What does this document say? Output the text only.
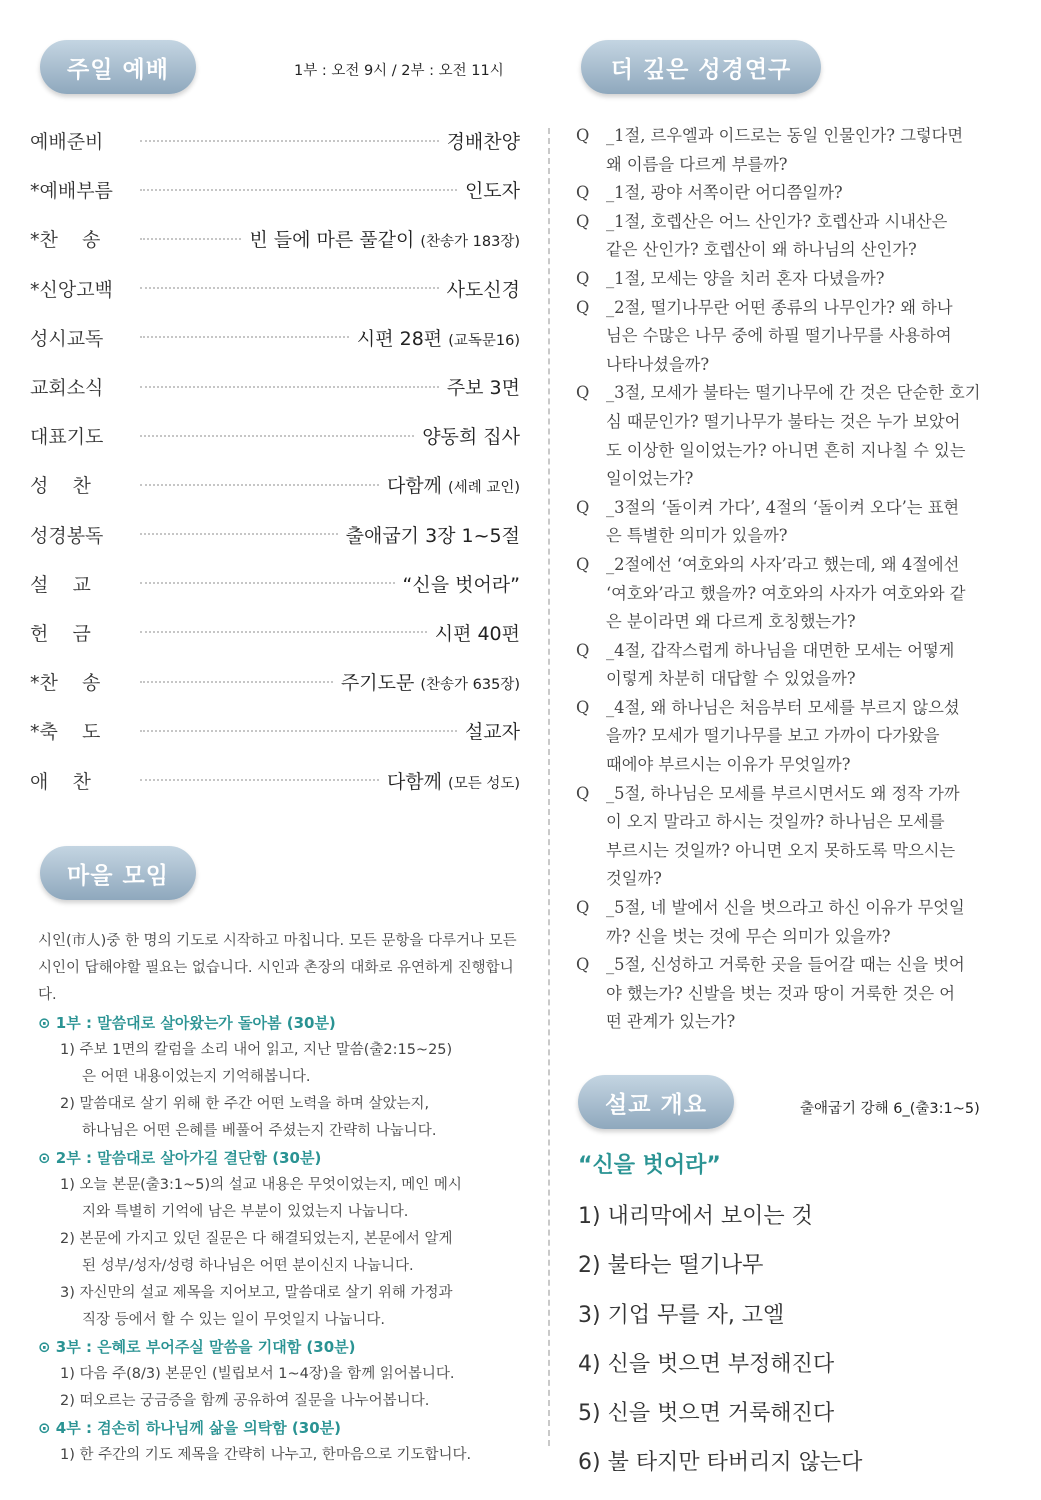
주일 예배	1부 : 오전 9시 / 2부 : 오전 11시
예배준비	경배찬양
*예배부름	인도자
*찬    송	빈 들에 마른 풀같이 (찬송가 183장)
*신앙고백	사도신경
성시교독	시편 28편 (교독문16)
교회소식	주보 3면
대표기도	양동희 집사
성    찬	다함께 (세례 교인)
성경봉독	출애굽기 3장 1~5절
설    교	“신을 벗어라”
헌    금	시편 40편
*찬    송	주기도문 (찬송가 635장)
*축    도	설교자
애    찬	다함께 (모든 성도)
마을 모임

시인(市人)중 한 명의 기도로 시작하고 마칩니다. 모든 문항을 다루거나 모든 시인이 답해야할 필요는 없습니다. 시인과 촌장의 대화로 유연하게 진행합니다.

⊙ 1부 : 말씀대로 살아왔는가 돌아봄 (30분)
1) 주보 1면의 칼럼을 소리 내어 읽고, 지난 말씀(출2:15~25)
은 어떤 내용이었는지 기억해봅니다.
2) 말씀대로 살기 위해 한 주간 어떤 노력을 하며 살았는지,
하나님은 어떤 은혜를 베풀어 주셨는지 간략히 나눕니다.
⊙ 2부 : 말씀대로 살아가길 결단함 (30분)
1) 오늘 본문(출3:1~5)의 설교 내용은 무엇이었는지, 메인 메시
지와 특별히 기억에 남은 부분이 있었는지 나눕니다.
2) 본문에 가지고 있던 질문은 다 해결되었는지, 본문에서 알게
된 성부/성자/성령 하나님은 어떤 분이신지 나눕니다.
3) 자신만의 설교 제목을 지어보고, 말씀대로 살기 위해 가정과
직장 등에서 할 수 있는 일이 무엇일지 나눕니다.
⊙ 3부 : 은혜로 부어주실 말씀을 기대함 (30분)
1) 다음 주(8/3) 본문인 (빌립보서 1~4장)을 함께 읽어봅니다.
2) 떠오르는 궁금증을 함께 공유하여 질문을 나누어봅니다.
⊙ 4부 : 겸손히 하나님께 삶을 의탁함 (30분)
1) 한 주간의 기도 제목을 간략히 나누고, 한마음으로 기도합니다.
더 깊은 성경연구
Q	_1절, 르우엘과 이드로는 동일 인물인가? 그렇다면
왜 이름을 다르게 부를까?
Q	_1절, 광야 서쪽이란 어디쯤일까?
Q	_1절, 호렙산은 어느 산인가? 호렙산과 시내산은
같은 산인가? 호렙산이 왜 하나님의 산인가?
Q	_1절, 모세는 양을 치러 혼자 다녔을까?
Q	_2절, 떨기나무란 어떤 종류의 나무인가? 왜 하나
님은 수많은 나무 중에 하필 떨기나무를 사용하여
나타나셨을까?
Q	_3절, 모세가 불타는 떨기나무에 간 것은 단순한 호기
심 때문인가? 떨기나무가 불타는 것은 누가 보았어
도 이상한 일이었는가? 아니면 흔히 지나칠 수 있는
일이었는가?
Q	_3절의 ‘돌이켜 가다’, 4절의 ‘돌이켜 오다’는 표현
은 특별한 의미가 있을까?
Q	_2절에선 ‘여호와의 사자’라고 했는데, 왜 4절에선
‘여호와’라고 했을까? 여호와의 사자가 여호와와 같
은 분이라면 왜 다르게 호칭했는가?
Q	_4절, 갑작스럽게 하나님을 대면한 모세는 어떻게
이렇게 차분히 대답할 수 있었을까?
Q	_4절, 왜 하나님은 처음부터 모세를 부르지 않으셨
을까? 모세가 떨기나무를 보고 가까이 다가왔을
때에야 부르시는 이유가 무엇일까?
Q	_5절, 하나님은 모세를 부르시면서도 왜 정작 가까
이 오지 말라고 하시는 것일까? 하나님은 모세를
부르시는 것일까? 아니면 오지 못하도록 막으시는
것일까?
Q	_5절, 네 발에서 신을 벗으라고 하신 이유가 무엇일
까? 신을 벗는 것에 무슨 의미가 있을까?
Q	_5절, 신성하고 거룩한 곳을 들어갈 때는 신을 벗어
야 했는가? 신발을 벗는 것과 땅이 거룩한 것은 어
떤 관계가 있는가?
설교 개요	출애굽기 강해 6_(출3:1~5)
“신을 벗어라”
1) 내리막에서 보이는 것
2) 불타는 떨기나무
3) 기업 무를 자, 고엘
4) 신을 벗으면 부정해진다
5) 신을 벗으면 거룩해진다
6) 불 타지만 타버리지 않는다
